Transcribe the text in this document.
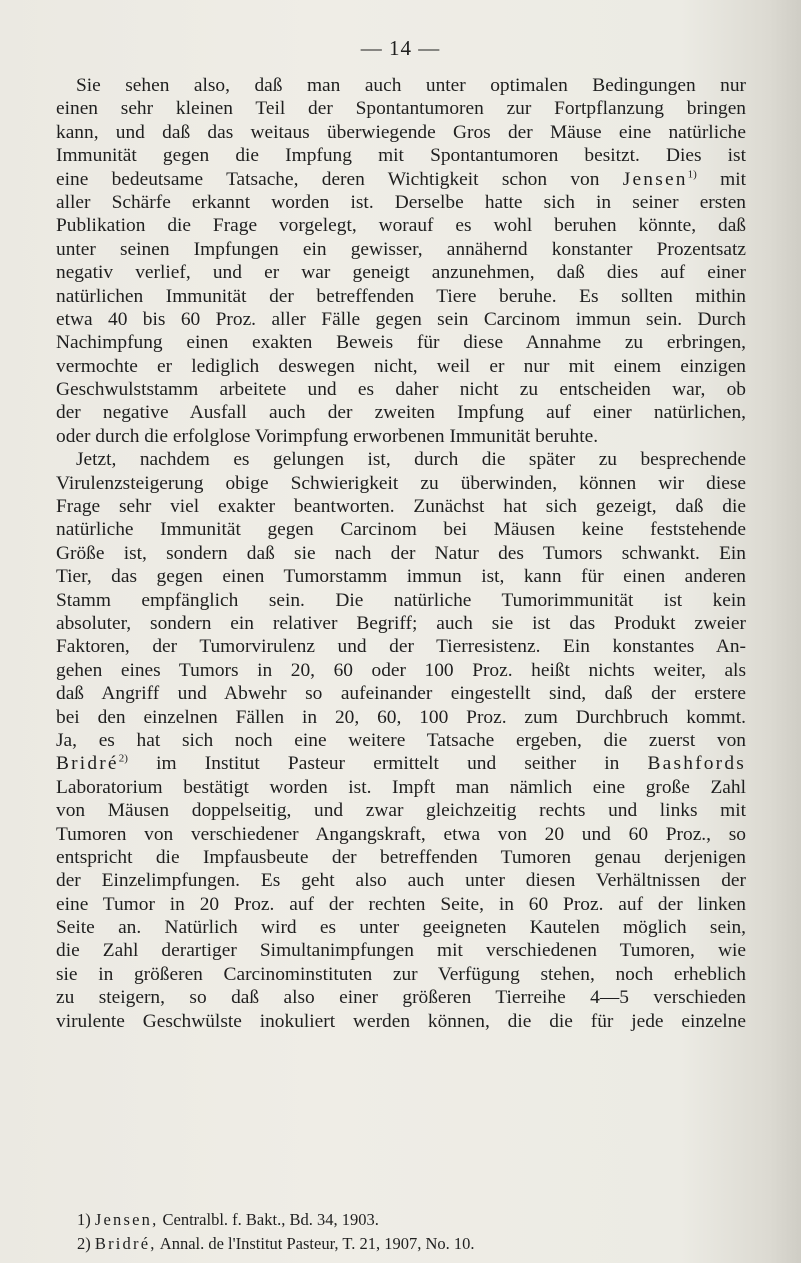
— 14 —
Sie sehen also, daß man auch unter optimalen Bedingungen nur
einen sehr kleinen Teil der Spontantumoren zur Fortpflanzung bringen
kann, und daß das weitaus überwiegende Gros der Mäuse eine natürliche
Immunität gegen die Impfung mit Spontantumoren besitzt. Dies ist
eine bedeutsame Tatsache, deren Wichtigkeit schon von Jensen$^{1)}$ mit
aller Schärfe erkannt worden ist. Derselbe hatte sich in seiner ersten
Publikation die Frage vorgelegt, worauf es wohl beruhen könnte, daß
unter seinen Impfungen ein gewisser, annähernd konstanter Prozentsatz
negativ verlief, und er war geneigt anzunehmen, daß dies auf einer
natürlichen Immunität der betreffenden Tiere beruhe. Es sollten mithin
etwa 40 bis 60 Proz. aller Fälle gegen sein Carcinom immun sein. Durch
Nachimpfung einen exakten Beweis für diese Annahme zu erbringen,
vermochte er lediglich deswegen nicht, weil er nur mit einem einzigen
Geschwulststamm arbeitete und es daher nicht zu entscheiden war, ob
der negative Ausfall auch der zweiten Impfung auf einer natürlichen,
oder durch die erfolglose Vorimpfung erworbenen Immunität beruhte.
Jetzt, nachdem es gelungen ist, durch die später zu besprechende
Virulenzsteigerung obige Schwierigkeit zu überwinden, können wir diese
Frage sehr viel exakter beantworten. Zunächst hat sich gezeigt, daß die
natürliche Immunität gegen Carcinom bei Mäusen keine feststehende
Größe ist, sondern daß sie nach der Natur des Tumors schwankt. Ein
Tier, das gegen einen Tumorstamm immun ist, kann für einen anderen
Stamm empfänglich sein. Die natürliche Tumorimmunität ist kein
absoluter, sondern ein relativer Begriff; auch sie ist das Produkt zweier
Faktoren, der Tumorvirulenz und der Tierresistenz. Ein konstantes An-
gehen eines Tumors in 20, 60 oder 100 Proz. heißt nichts weiter, als
daß Angriff und Abwehr so aufeinander eingestellt sind, daß der erstere
bei den einzelnen Fällen in 20, 60, 100 Proz. zum Durchbruch kommt.
Ja, es hat sich noch eine weitere Tatsache ergeben, die zuerst von
Bridré$^{2)}$ im Institut Pasteur ermittelt und seither in Bashfords
Laboratorium bestätigt worden ist. Impft man nämlich eine große Zahl
von Mäusen doppelseitig, und zwar gleichzeitig rechts und links mit
Tumoren von verschiedener Angangskraft, etwa von 20 und 60 Proz., so
entspricht die Impfausbeute der betreffenden Tumoren genau derjenigen
der Einzelimpfungen. Es geht also auch unter diesen Verhältnissen der
eine Tumor in 20 Proz. auf der rechten Seite, in 60 Proz. auf der linken
Seite an. Natürlich wird es unter geeigneten Kautelen möglich sein,
die Zahl derartiger Simultanimpfungen mit verschiedenen Tumoren, wie
sie in größeren Carcinominstituten zur Verfügung stehen, noch erheblich
zu steigern, so daß also einer größeren Tierreihe 4—5 verschieden
virulente Geschwülste inokuliert werden können, die die für jede einzelne
1) Jensen, Centralbl. f. Bakt., Bd. 34, 1903.
2) Bridré, Annal. de l'Institut Pasteur, T. 21, 1907, No. 10.
